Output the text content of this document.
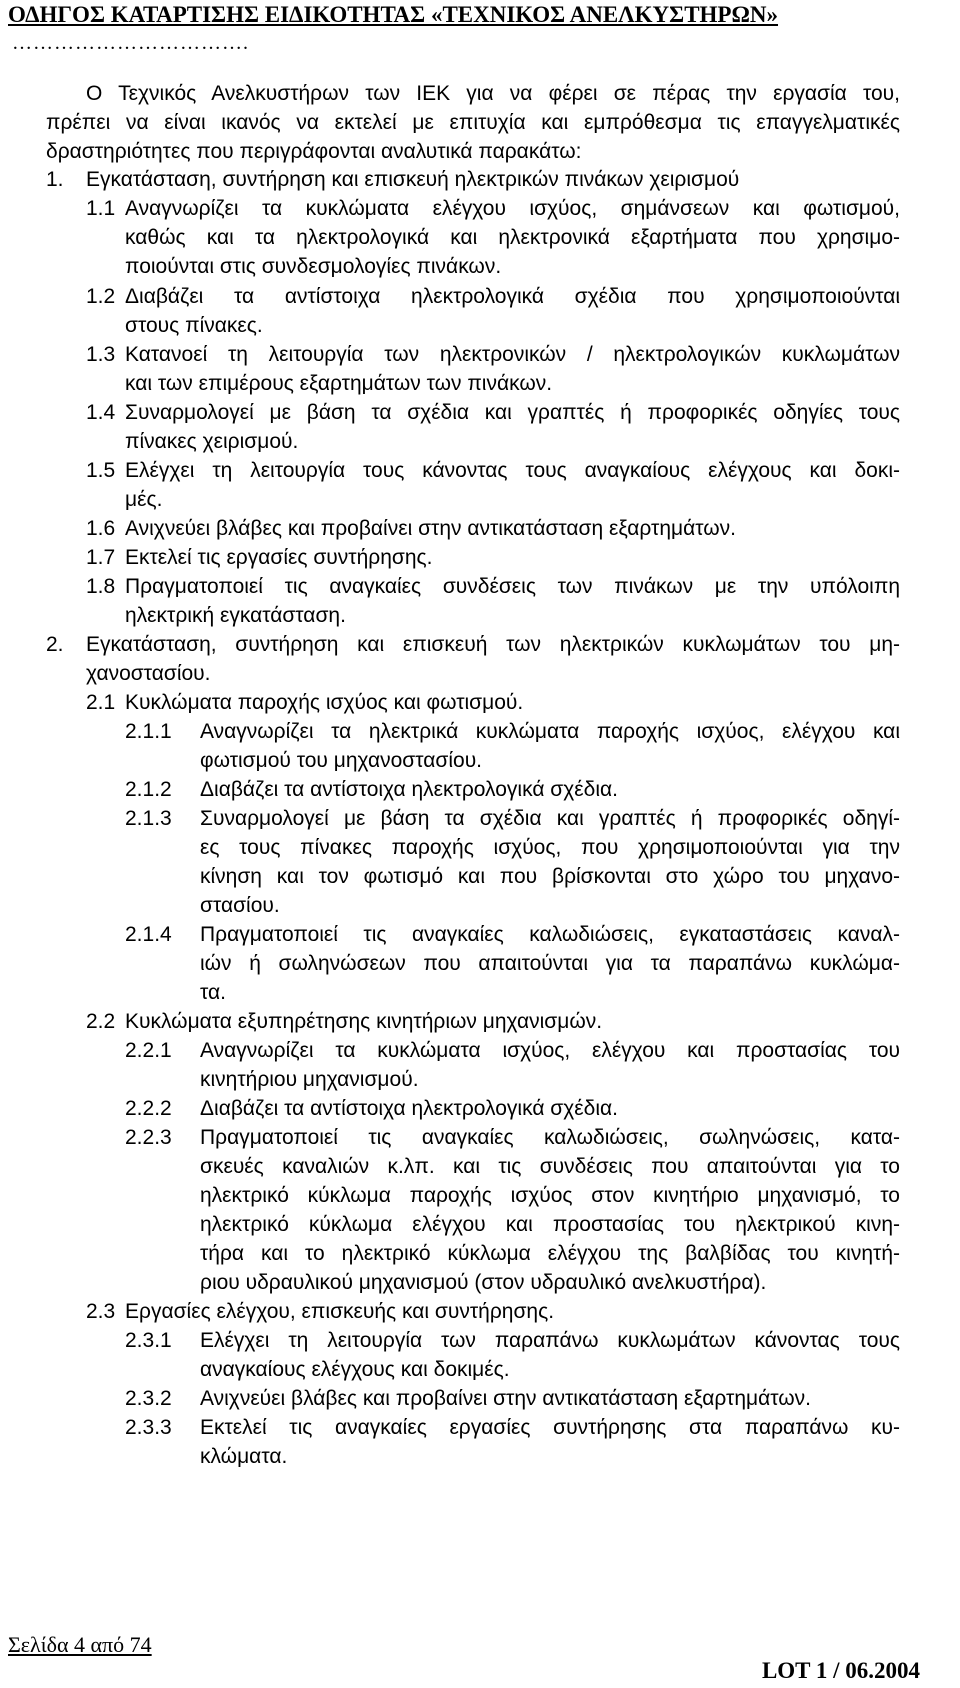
ΟΔΗΓΟΣ ΚΑΤΑΡΤΙΣΗΣ ΕΙΔΙΚΟΤΗΤΑΣ «ΤΕΧΝΙΚΟΣ ΑΝΕΛΚΥΣΤΗΡΩΝ»
…………………………….
Ο Τεχνικός Ανελκυστήρων των ΙΕΚ για να φέρει σε πέρας την εργασία του,
πρέπει να είναι ικανός να εκτελεί με επιτυχία και εμπρόθεσμα τις επαγγελματικές
δραστηριότητες που περιγράφονται αναλυτικά παρακάτω:
1. Εγκατάσταση, συντήρηση και επισκευή ηλεκτρικών πινάκων χειρισμού
1.1 Αναγνωρίζει τα κυκλώματα ελέγχου ισχύος, σημάνσεων και φωτισμού,
καθώς και τα ηλεκτρολογικά και ηλεκτρονικά εξαρτήματα που χρησιμο-
ποιούνται στις συνδεσμολογίες πινάκων.
1.2 Διαβάζει τα αντίστοιχα ηλεκτρολογικά σχέδια που χρησιμοποιούνται
στους πίνακες.
1.3 Κατανοεί τη λειτουργία των ηλεκτρονικών / ηλεκτρολογικών κυκλωμάτων
και των επιμέρους εξαρτημάτων των πινάκων.
1.4 Συναρμολογεί με βάση τα σχέδια και γραπτές ή προφορικές οδηγίες τους
πίνακες χειρισμού.
1.5 Ελέγχει τη λειτουργία τους κάνοντας τους αναγκαίους ελέγχους και δοκι-
μές.
1.6 Ανιχνεύει βλάβες και προβαίνει στην αντικατάσταση εξαρτημάτων.
1.7 Εκτελεί τις εργασίες συντήρησης.
1.8 Πραγματοποιεί τις αναγκαίες συνδέσεις των πινάκων με την υπόλοιπη
ηλεκτρική εγκατάσταση.
2. Εγκατάσταση, συντήρηση και επισκευή των ηλεκτρικών κυκλωμάτων του μη-
χανοστασίου.
2.1 Κυκλώματα παροχής ισχύος και φωτισμού.
2.1.1 Αναγνωρίζει τα ηλεκτρικά κυκλώματα παροχής ισχύος, ελέγχου και
φωτισμού του μηχανοστασίου.
2.1.2 Διαβάζει τα αντίστοιχα ηλεκτρολογικά σχέδια.
2.1.3 Συναρμολογεί με βάση τα σχέδια και γραπτές ή προφορικές οδηγί-
ες τους πίνακες παροχής ισχύος, που χρησιμοποιούνται για την
κίνηση και τον φωτισμό και που βρίσκονται στο χώρο του μηχανο-
στασίου.
2.1.4 Πραγματοποιεί τις αναγκαίες καλωδιώσεις, εγκαταστάσεις καναλ-
ιών ή σωληνώσεων που απαιτούνται για τα παραπάνω κυκλώμα-
τα.
2.2 Κυκλώματα εξυπηρέτησης κινητήριων μηχανισμών.
2.2.1 Αναγνωρίζει τα κυκλώματα ισχύος, ελέγχου και προστασίας του
κινητήριου μηχανισμού.
2.2.2 Διαβάζει τα αντίστοιχα ηλεκτρολογικά σχέδια.
2.2.3 Πραγματοποιεί τις αναγκαίες καλωδιώσεις, σωληνώσεις, κατα-
σκευές καναλιών κ.λπ. και τις συνδέσεις που απαιτούνται για το
ηλεκτρικό κύκλωμα παροχής ισχύος στον κινητήριο μηχανισμό, το
ηλεκτρικό κύκλωμα ελέγχου και προστασίας του ηλεκτρικού κινη-
τήρα και το ηλεκτρικό κύκλωμα ελέγχου της βαλβίδας του κινητή-
ριου υδραυλικού μηχανισμού (στον υδραυλικό ανελκυστήρα).
2.3 Εργασίες ελέγχου, επισκευής και συντήρησης.
2.3.1 Ελέγχει τη λειτουργία των παραπάνω κυκλωμάτων κάνοντας τους
αναγκαίους ελέγχους και δοκιμές.
2.3.2 Ανιχνεύει βλάβες και προβαίνει στην αντικατάσταση εξαρτημάτων.
2.3.3 Εκτελεί τις αναγκαίες εργασίες συντήρησης στα παραπάνω κυ-
κλώματα.
Σελίδα 4 από 74
LOT 1 / 06.2004
